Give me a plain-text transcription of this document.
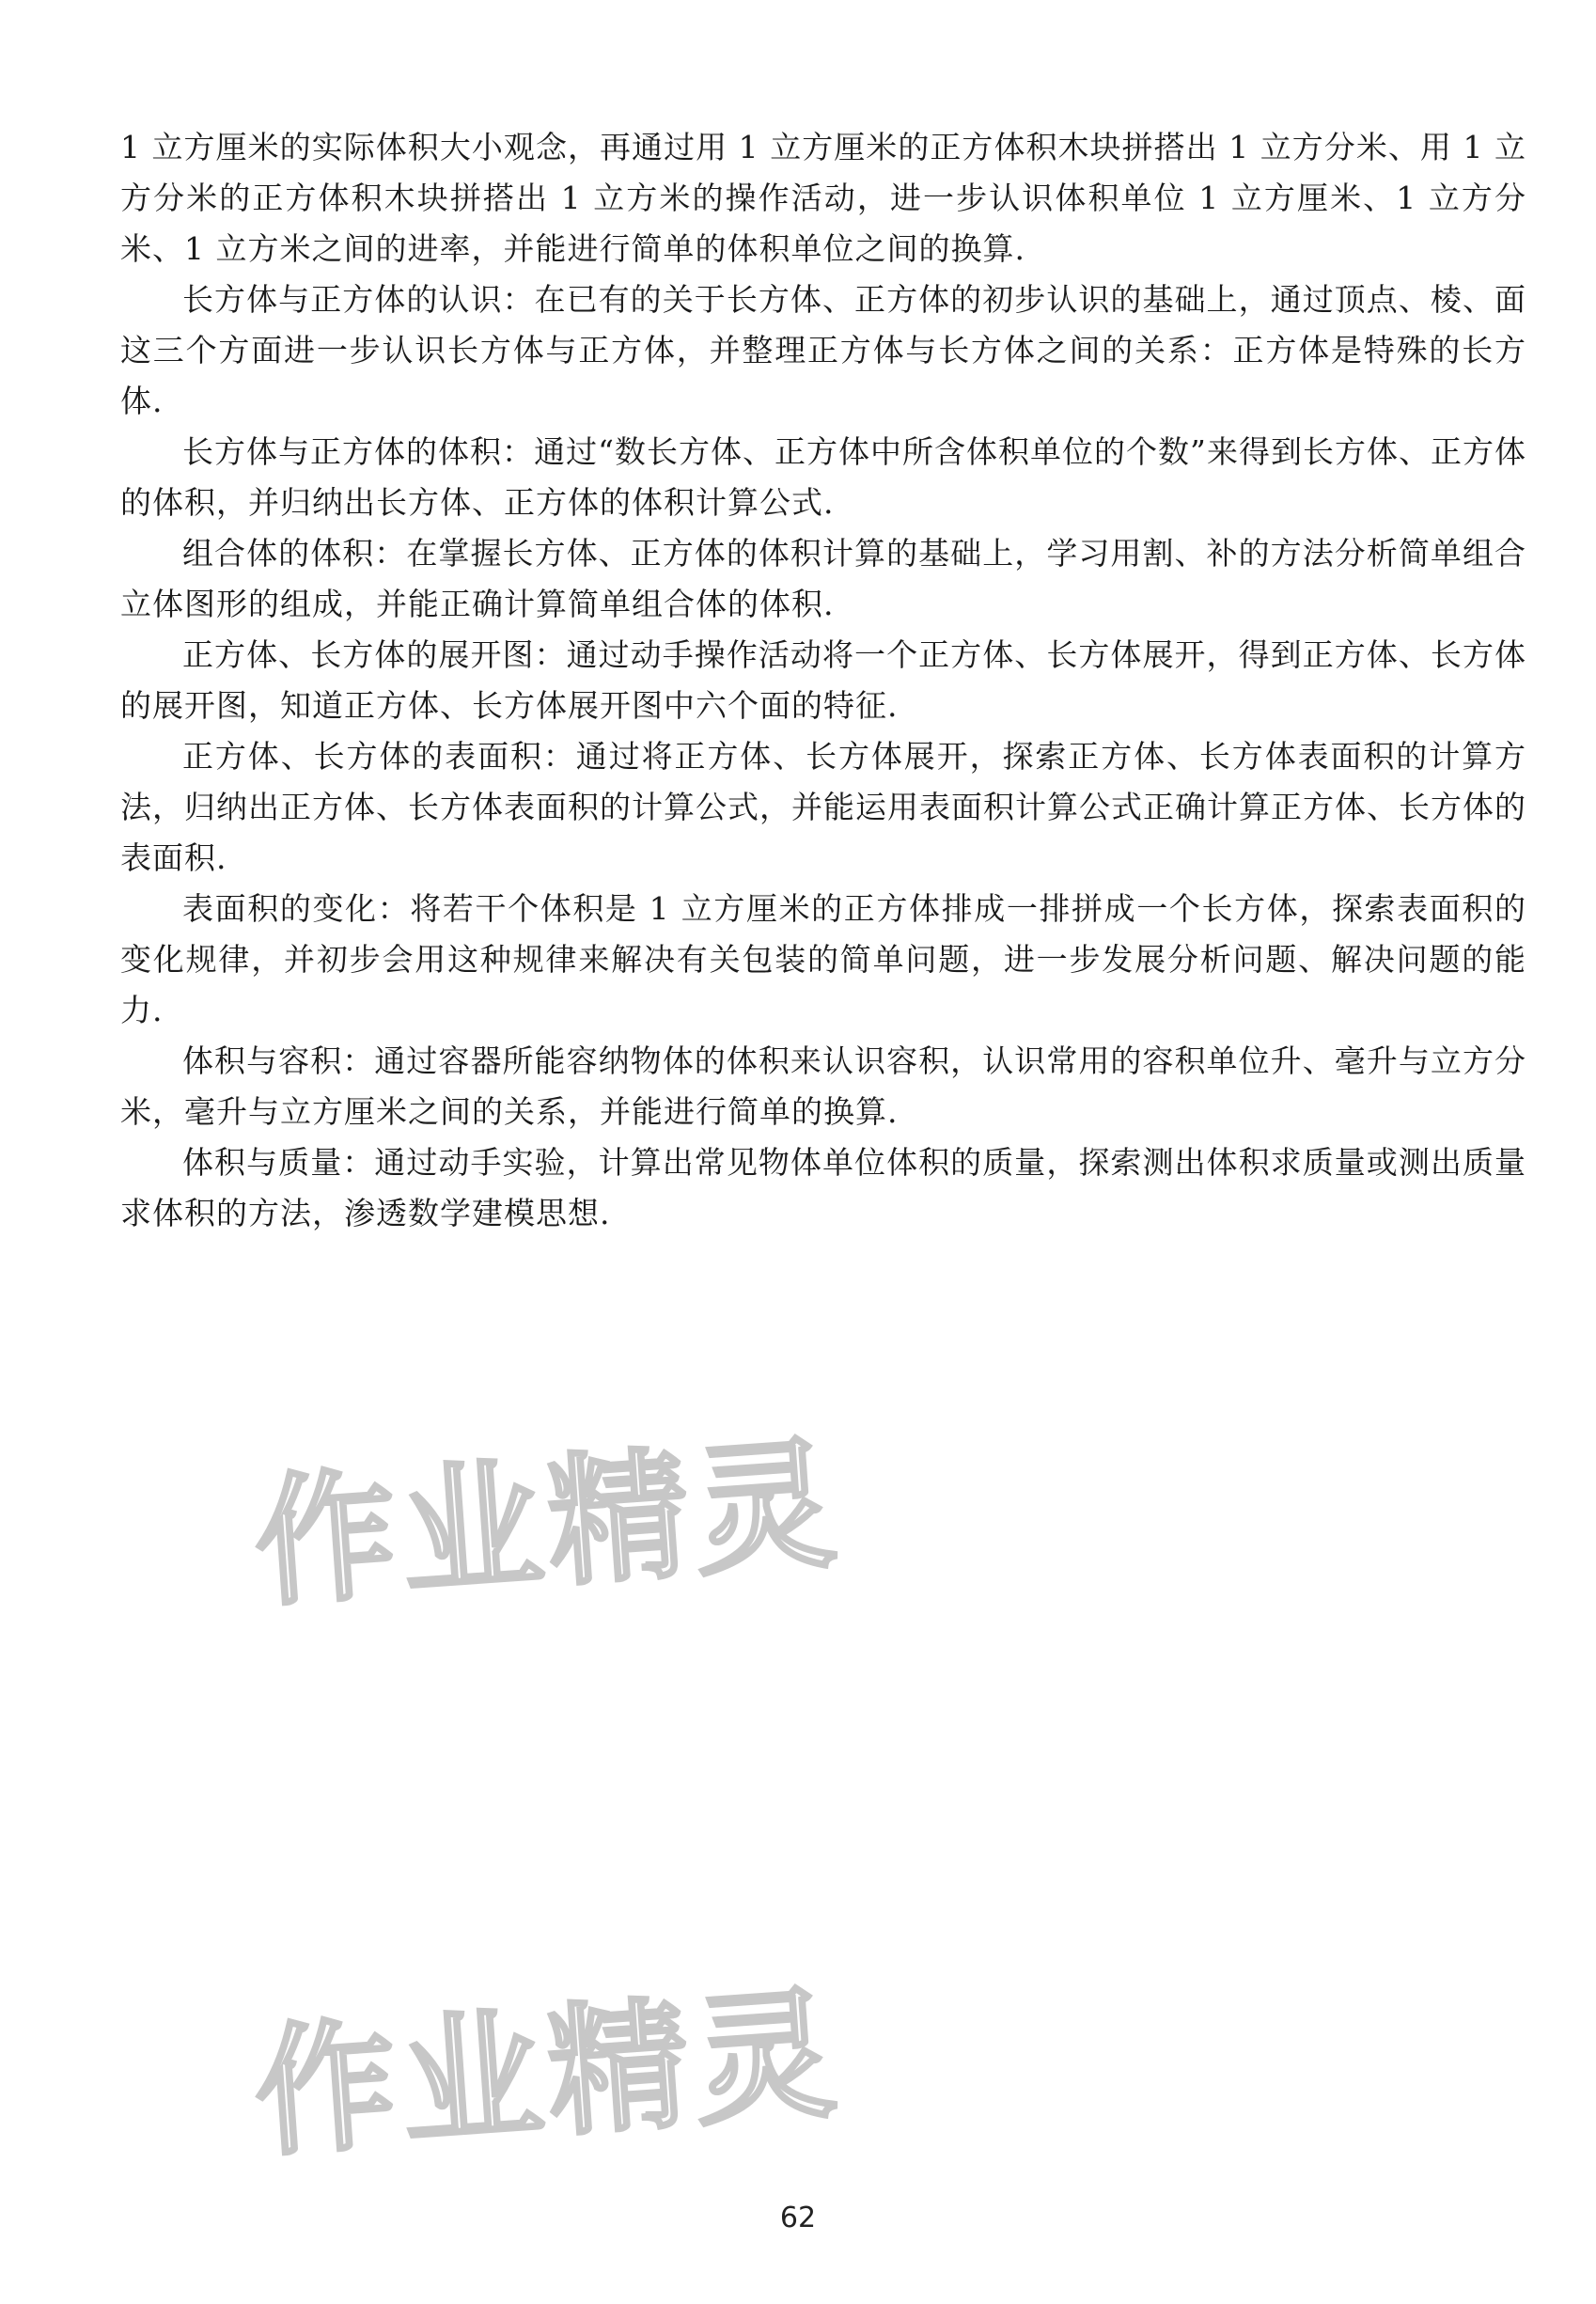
1 立方厘米的实际体积大小观念，再通过用 1 立方厘米的正方体积木块拼搭出 1 立方分米、用 1 立方分米的正方体积木块拼搭出 1 立方米的操作活动，进一步认识体积单位 1 立方厘米、1 立方分米、1 立方米之间的进率，并能进行简单的体积单位之间的换算.

长方体与正方体的认识：在已有的关于长方体、正方体的初步认识的基础上，通过顶点、棱、面这三个方面进一步认识长方体与正方体，并整理正方体与长方体之间的关系：正方体是特殊的长方体.

长方体与正方体的体积：通过“数长方体、正方体中所含体积单位的个数”来得到长方体、正方体的体积，并归纳出长方体、正方体的体积计算公式.

组合体的体积：在掌握长方体、正方体的体积计算的基础上，学习用割、补的方法分析简单组合立体图形的组成，并能正确计算简单组合体的体积.

正方体、长方体的展开图：通过动手操作活动将一个正方体、长方体展开，得到正方体、长方体的展开图，知道正方体、长方体展开图中六个面的特征.

正方体、长方体的表面积：通过将正方体、长方体展开，探索正方体、长方体表面积的计算方法，归纳出正方体、长方体表面积的计算公式，并能运用表面积计算公式正确计算正方体、长方体的表面积.

表面积的变化：将若干个体积是 1 立方厘米的正方体排成一排拼成一个长方体，探索表面积的变化规律，并初步会用这种规律来解决有关包装的简单问题，进一步发展分析问题、解决问题的能力.

体积与容积：通过容器所能容纳物体的体积来认识容积，认识常用的容积单位升、毫升与立方分米，毫升与立方厘米之间的关系，并能进行简单的换算.

体积与质量：通过动手实验，计算出常见物体单位体积的质量，探索测出体积求质量或测出质量求体积的方法，渗透数学建模思想.

作业精灵
作业精灵
62
